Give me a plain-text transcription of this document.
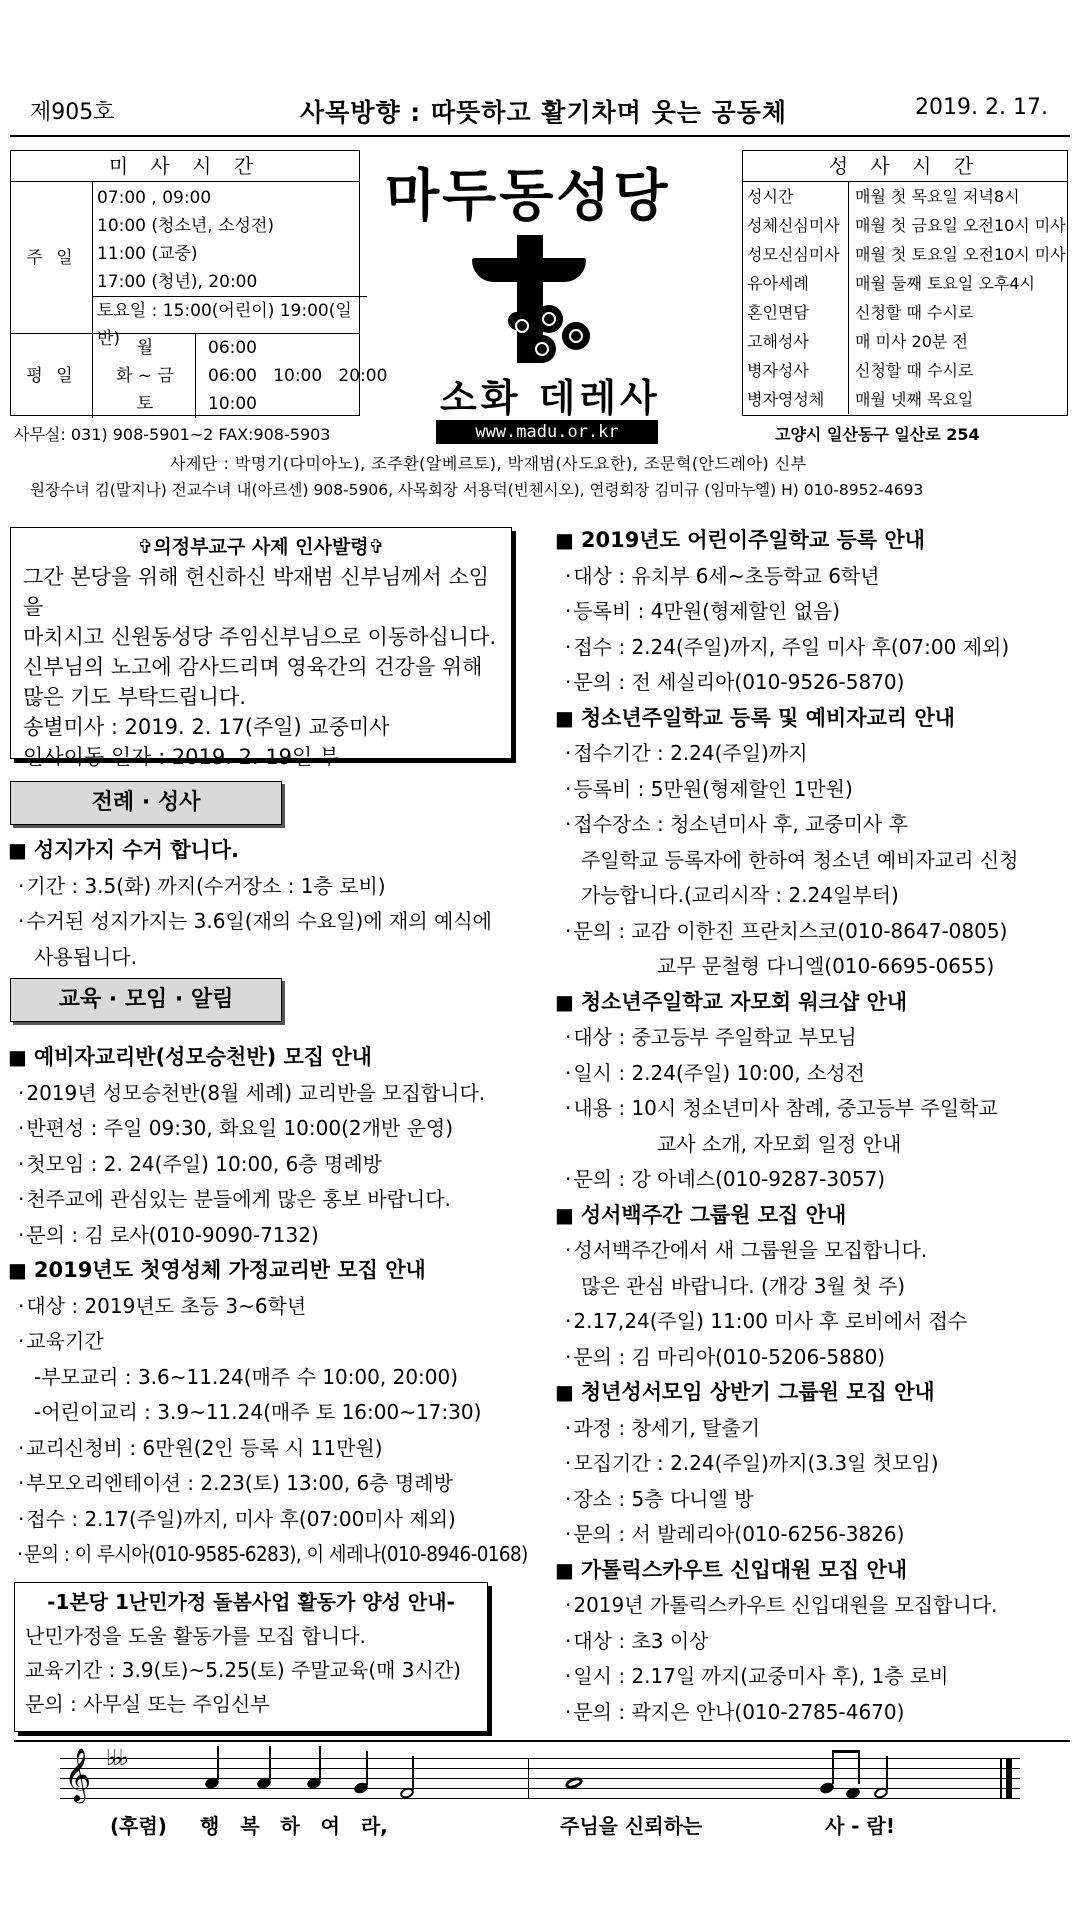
제905호	사목방향 : 따뜻하고 활기차며 웃는 공동체	2019. 2. 17.
미 사 시 간
주 일
07:00 , 09:00
10:00 (청소년, 소성전)
11:00 (교중)
17:00 (청년), 20:00
토요일 : 15:00(어린이) 19:00(일반)
평 일
월	06:00
화 ~ 금	06:00   10:00   20:00
토	10:00
마두동성당
소화 데레사
www.madu.or.kr
성 사 시 간
성시간	매월 첫 목요일 저녁8시
성체신심미사 매월 첫 금요일 오전10시 미사
성모신심미사 매월 첫 토요일 오전10시 미사
유아세례	매월 둘째 토요일 오후4시
혼인면담	신청할 때 수시로
고해성사	매 미사 20분 전
병자성사	신청할 때 수시로
병자영성체	매월 넷째 목요일
사무실: 031) 908-5901~2 FAX:908-5903	고양시 일산동구 일산로 254
사제단 : 박명기(다미아노), 조주환(알베르토), 박재범(사도요한), 조문혁(안드레아) 신부
원장수녀 김(말지나) 전교수녀 내(아르센) 908-5906, 사목회장 서용덕(빈첸시오), 연령회장 김미규 (임마누엘) H) 010-8952-4693
✞의정부교구 사제 인사발령✞
그간 본당을 위해 헌신하신 박재범 신부님께서 소임을
마치시고 신원동성당 주임신부님으로 이동하십니다.
신부님의 노고에 감사드리며 영육간의 건강을 위해
많은 기도 부탁드립니다.
송별미사 : 2019. 2. 17(주일) 교중미사
인사이동 일자 : 2019. 2. 19일 부
전례 · 성사
■ 성지가지 수거 합니다.
· 기간 : 3.5(화) 까지(수거장소 : 1층 로비)
· 수거된 성지가지는 3.6일(재의 수요일)에 재의 예식에
사용됩니다.
교육 · 모임 · 알림
■ 예비자교리반(성모승천반) 모집 안내
· 2019년 성모승천반(8월 세례) 교리반을 모집합니다.
· 반편성 : 주일 09:30, 화요일 10:00(2개반 운영)
· 첫모임 : 2. 24(주일) 10:00, 6층 명례방
· 천주교에 관심있는 분들에게 많은 홍보 바랍니다.
· 문의 : 김 로사(010-9090-7132)
■ 2019년도 첫영성체 가정교리반 모집 안내
· 대상 : 2019년도 초등 3~6학년
· 교육기간
-부모교리 : 3.6~11.24(매주 수 10:00, 20:00)
-어린이교리 : 3.9~11.24(매주 토 16:00~17:30)
· 교리신청비 : 6만원(2인 등록 시 11만원)
· 부모오리엔테이션 : 2.23(토) 13:00, 6층 명례방
· 접수 : 2.17(주일)까지, 미사 후(07:00미사 제외)
· 문의 : 이 루시아(010-9585-6283), 이 세레나(010-8946-0168)
■ 2019년도 어린이주일학교 등록 안내
· 대상 : 유치부 6세~초등학교 6학년
· 등록비 : 4만원(형제할인 없음)
· 접수 : 2.24(주일)까지, 주일 미사 후(07:00 제외)
· 문의 : 전 세실리아(010-9526-5870)
■ 청소년주일학교 등록 및 예비자교리 안내
· 접수기간 : 2.24(주일)까지
· 등록비 : 5만원(형제할인 1만원)
· 접수장소 : 청소년미사 후, 교중미사 후
주일학교 등록자에 한하여 청소년 예비자교리 신청
가능합니다.(교리시작 : 2.24일부터)
· 문의 : 교감 이한진 프란치스코(010-8647-0805)
교무 문철형 다니엘(010-6695-0655)
■ 청소년주일학교 자모회 워크샵 안내
· 대상 : 중고등부 주일학교 부모님
· 일시 : 2.24(주일) 10:00, 소성전
· 내용 : 10시 청소년미사 참례, 중고등부 주일학교
교사 소개, 자모회 일정 안내
· 문의 : 강 아녜스(010-9287-3057)
■ 성서백주간 그룹원 모집 안내
· 성서백주간에서 새 그룹원을 모집합니다.
많은 관심 바랍니다. (개강 3월 첫 주)
· 2.17,24(주일) 11:00 미사 후 로비에서 접수
· 문의 : 김 마리아(010-5206-5880)
■ 청년성서모임 상반기 그룹원 모집 안내
· 과정 : 창세기, 탈출기
· 모집기간 : 2.24(주일)까지(3.3일 첫모임)
· 장소 : 5층 다니엘 방
· 문의 : 서 발레리아(010-6256-3826)
■ 가톨릭스카우트 신입대원 모집 안내
· 2019년 가톨릭스카우트 신입대원을 모집합니다.
· 대상 : 초3 이상
· 일시 : 2.17일 까지(교중미사 후), 1층 로비
· 문의 : 곽지은 안나(010-2785-4670)
-1본당 1난민가정 돌봄사업 활동가 양성 안내-
난민가정을 도울 활동가를 모집 합니다.
교육기간 : 3.9(토)~5.25(토) 주말교육(매 3시간)
문의 : 사무실 또는 주임신부
𝄞 ♭♭♭
(후렴) 행   복   하   여   라,	주님을 신뢰하는	사 - 람!
